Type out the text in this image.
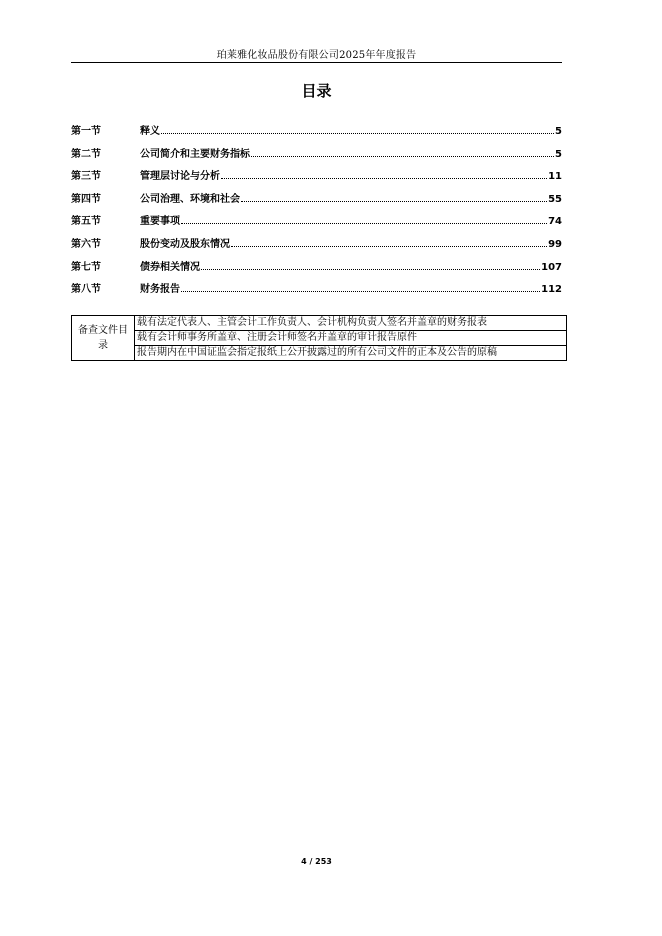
珀莱雅化妆品股份有限公司2025年年度报告
目录
第一节	释义	5
第二节	公司简介和主要财务指标	5
第三节	管理层讨论与分析	11
第四节	公司治理、环境和社会	55
第五节	重要事项	74
第六节	股份变动及股东情况	99
第七节	债券相关情况	107
第八节	财务报告	112
备查文件目录	载有法定代表人、主管会计工作负责人、会计机构负责人签名并盖章的财务报表
载有会计师事务所盖章、注册会计师签名并盖章的审计报告原件
报告期内在中国证监会指定报纸上公开披露过的所有公司文件的正本及公告的原稿
4 / 253
